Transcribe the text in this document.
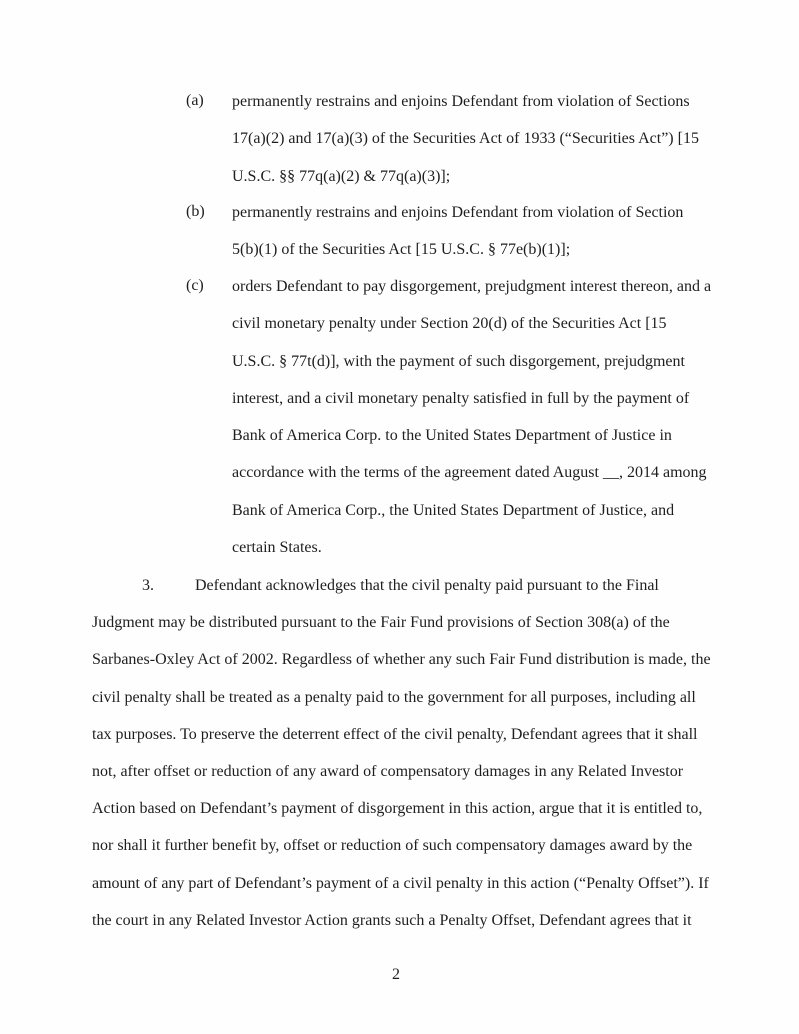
(a) permanently restrains and enjoins Defendant from violation of Sections
17(a)(2) and 17(a)(3) of the Securities Act of 1933 (“Securities Act”) [15
U.S.C. §§ 77q(a)(2) & 77q(a)(3)];
(b) permanently restrains and enjoins Defendant from violation of Section
5(b)(1) of the Securities Act [15 U.S.C. § 77e(b)(1)];
(c) orders Defendant to pay disgorgement, prejudgment interest thereon, and a
civil monetary penalty under Section 20(d) of the Securities Act [15
U.S.C. § 77t(d)], with the payment of such disgorgement, prejudgment
interest, and a civil monetary penalty satisfied in full by the payment of
Bank of America Corp. to the United States Department of Justice in
accordance with the terms of the agreement dated August __, 2014 among
Bank of America Corp., the United States Department of Justice, and
certain States.
3.	Defendant acknowledges that the civil penalty paid pursuant to the Final
Judgment may be distributed pursuant to the Fair Fund provisions of Section 308(a) of the
Sarbanes-Oxley Act of 2002. Regardless of whether any such Fair Fund distribution is made, the
civil penalty shall be treated as a penalty paid to the government for all purposes, including all
tax purposes. To preserve the deterrent effect of the civil penalty, Defendant agrees that it shall
not, after offset or reduction of any award of compensatory damages in any Related Investor
Action based on Defendant’s payment of disgorgement in this action, argue that it is entitled to,
nor shall it further benefit by, offset or reduction of such compensatory damages award by the
amount of any part of Defendant’s payment of a civil penalty in this action (“Penalty Offset”). If
the court in any Related Investor Action grants such a Penalty Offset, Defendant agrees that it
2
